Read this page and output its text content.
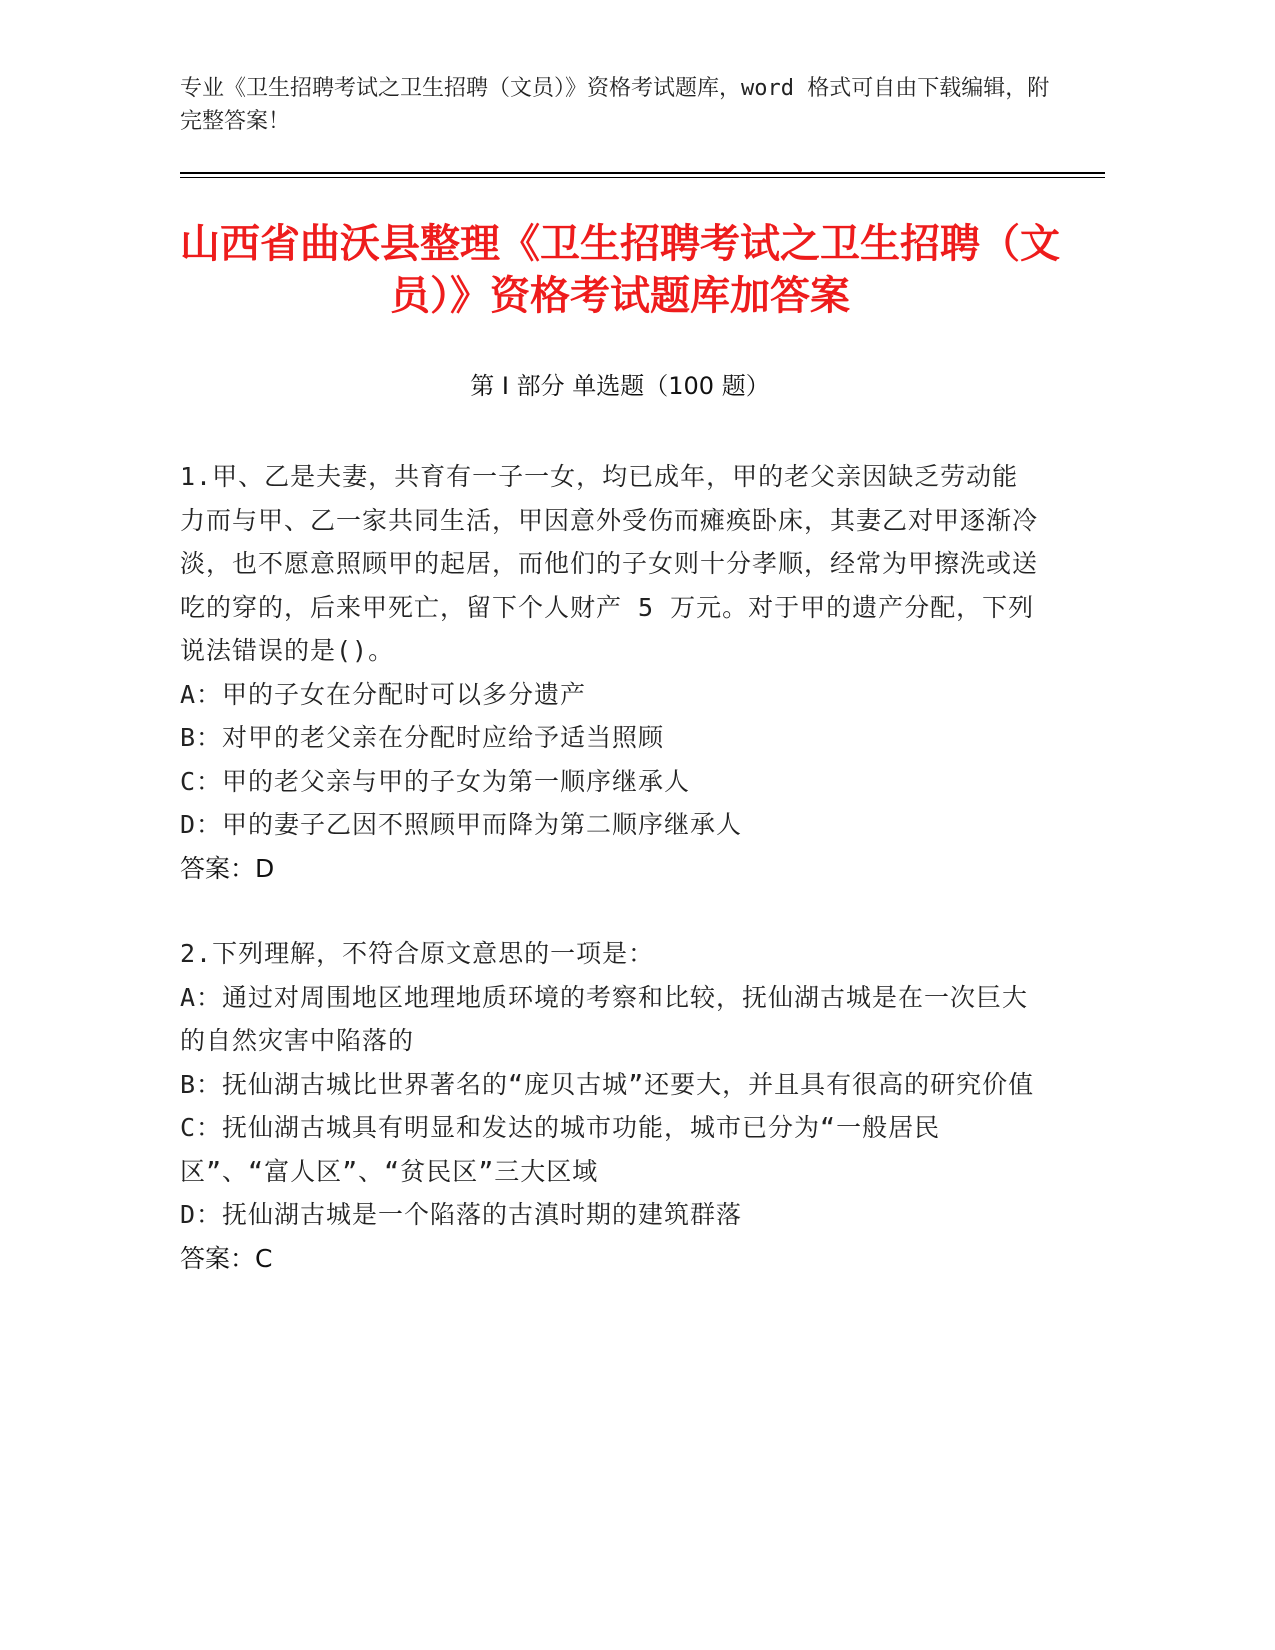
专业《卫生招聘考试之卫生招聘（文员）》资格考试题库，word 格式可自由下载编辑，附完整答案！
山西省曲沃县整理《卫生招聘考试之卫生招聘（文员）》资格考试题库加答案
第 I 部分 单选题（100 题）

1.甲、乙是夫妻，共育有一子一女，均已成年，甲的老父亲因缺乏劳动能力而与甲、乙一家共同生活，甲因意外受伤而瘫痪卧床，其妻乙对甲逐渐冷淡，也不愿意照顾甲的起居，而他们的子女则十分孝顺，经常为甲擦洗或送吃的穿的，后来甲死亡，留下个人财产 5 万元。对于甲的遗产分配，下列说法错误的是()。

A：甲的子女在分配时可以多分遗产

B：对甲的老父亲在分配时应给予适当照顾

C：甲的老父亲与甲的子女为第一顺序继承人

D：甲的妻子乙因不照顾甲而降为第二顺序继承人

答案：D

2.下列理解，不符合原文意思的一项是：

A：通过对周围地区地理地质环境的考察和比较，抚仙湖古城是在一次巨大的自然灾害中陷落的

B：抚仙湖古城比世界著名的“庞贝古城”还要大，并且具有很高的研究价值

C：抚仙湖古城具有明显和发达的城市功能，城市已分为“一般居民区”、“富人区”、“贫民区”三大区域

D：抚仙湖古城是一个陷落的古滇时期的建筑群落

答案：C
